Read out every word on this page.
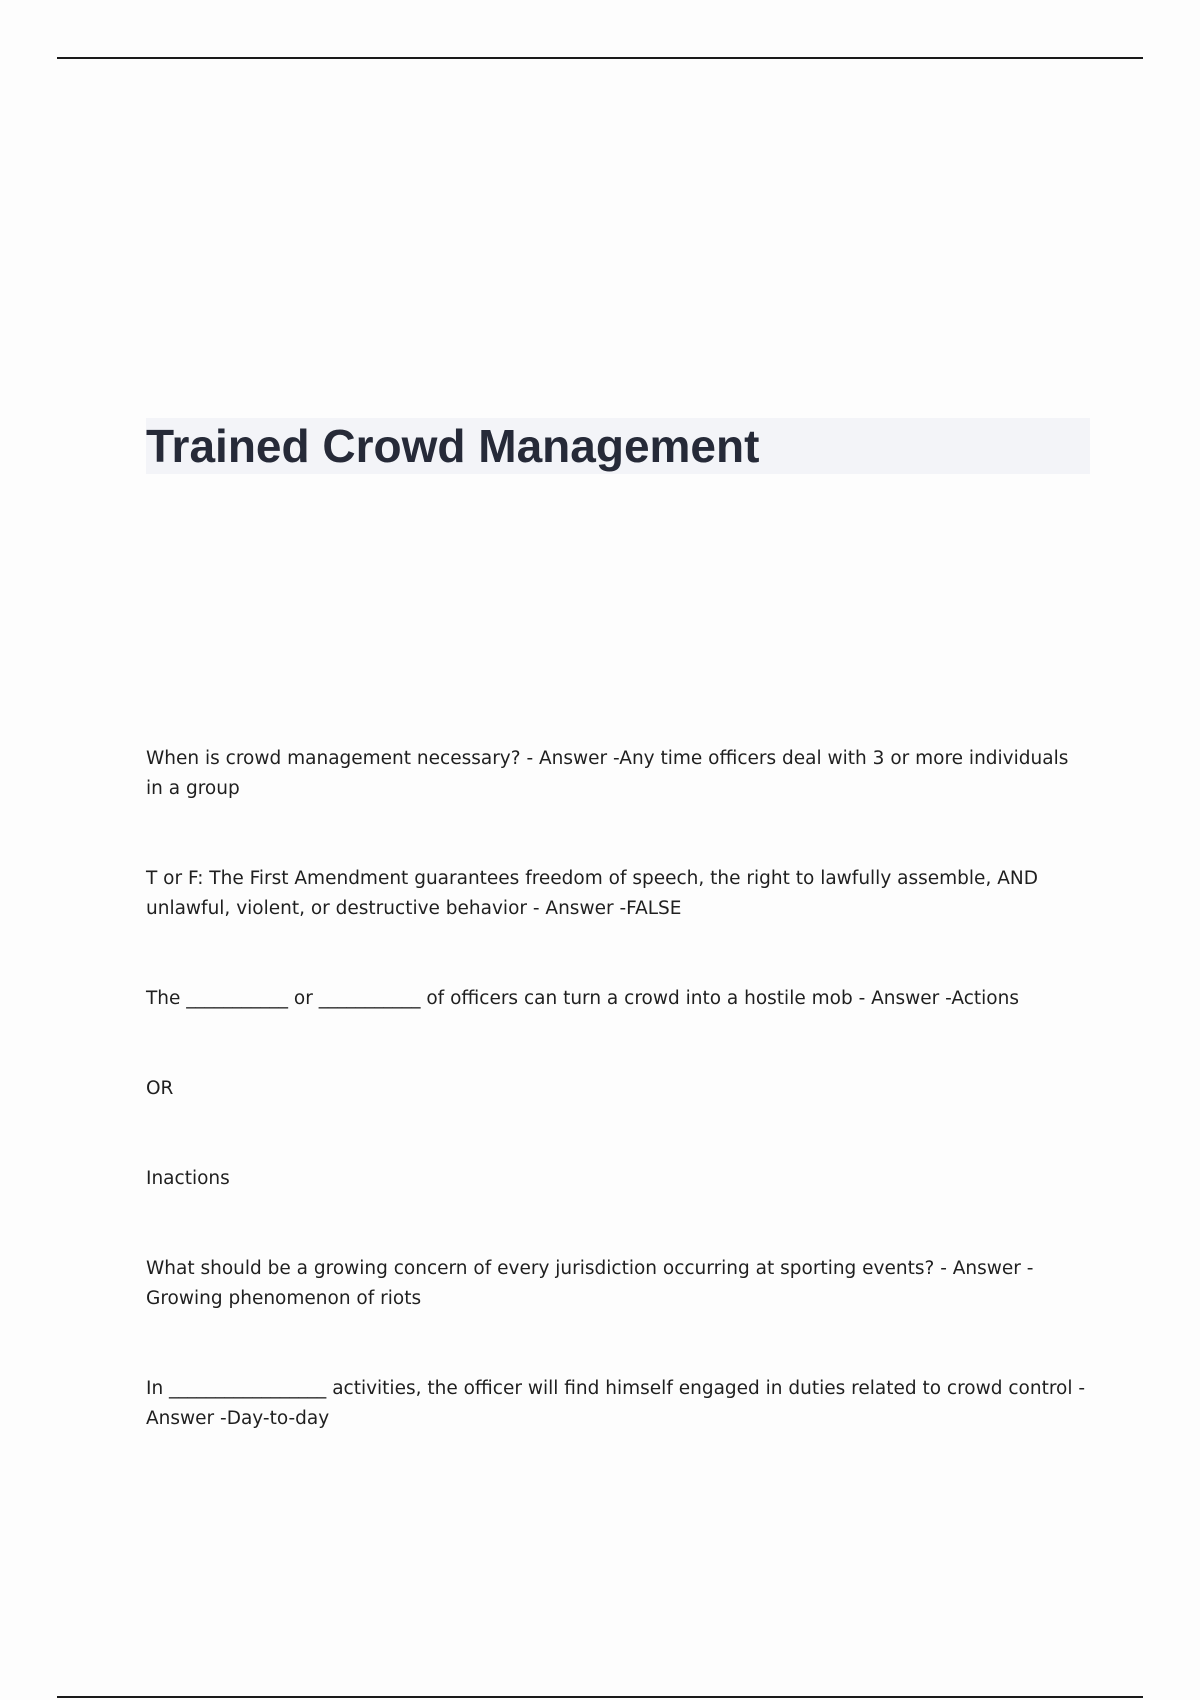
Trained Crowd Management

When is crowd management necessary? - Answer -Any time officers deal with 3 or more individuals in a group

T or F: The First Amendment guarantees freedom of speech, the right to lawfully assemble, AND unlawful, violent, or destructive behavior - Answer -FALSE

The ___________ or ___________ of officers can turn a crowd into a hostile mob - Answer -Actions

OR

Inactions

What should be a growing concern of every jurisdiction occurring at sporting events? - Answer -Growing phenomenon of riots

In _________________ activities, the officer will find himself engaged in duties related to crowd control - Answer -Day-to-day
